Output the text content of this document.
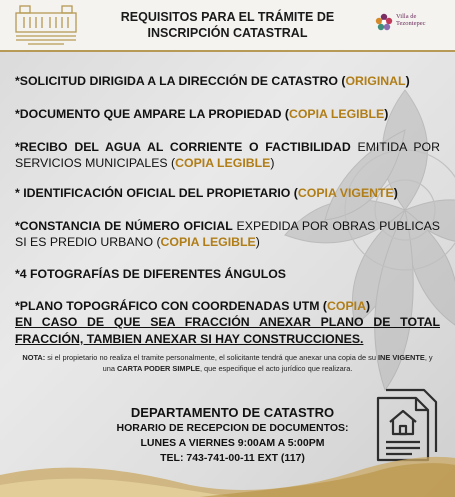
REQUISITOS PARA EL TRÁMITE DE
INSCRIPCIÓN CATASTRAL
Villa de
Tezontepec
*SOLICITUD DIRIGIDA A LA DIRECCIÓN DE CATASTRO (ORIGINAL)
*DOCUMENTO QUE AMPARE LA PROPIEDAD (COPIA LEGIBLE)
*RECIBO DEL AGUA AL CORRIENTE O FACTIBILIDAD EMITIDA POR SERVICIOS MUNICIPALES (COPIA LEGIBLE)
* IDENTIFICACIÓN OFICIAL DEL PROPIETARIO (COPIA VIGENTE)
*CONSTANCIA DE NÚMERO OFICIAL EXPEDIDA POR OBRAS PUBLICAS SI ES PREDIO URBANO (COPIA LEGIBLE)
*4 FOTOGRAFÍAS DE DIFERENTES ÁNGULOS
*PLANO TOPOGRÁFICO CON COORDENADAS UTM (COPIA)
EN CASO DE QUE SEA FRACCIÓN ANEXAR PLANO DE TOTAL FRACCIÓN, TAMBIEN ANEXAR SI HAY CONSTRUCCIONES.
NOTA: si el propietario no realiza el tramite personalmente, el solicitante tendrá que anexar una copia de su INE VIGENTE, y una CARTA PODER SIMPLE, que especifique el acto jurídico que realizara.
DEPARTAMENTO DE CATASTRO
HORARIO DE RECEPCION DE DOCUMENTOS:
LUNES A VIERNES 9:00AM A 5:00PM
TEL: 743-741-00-11 EXT (117)
